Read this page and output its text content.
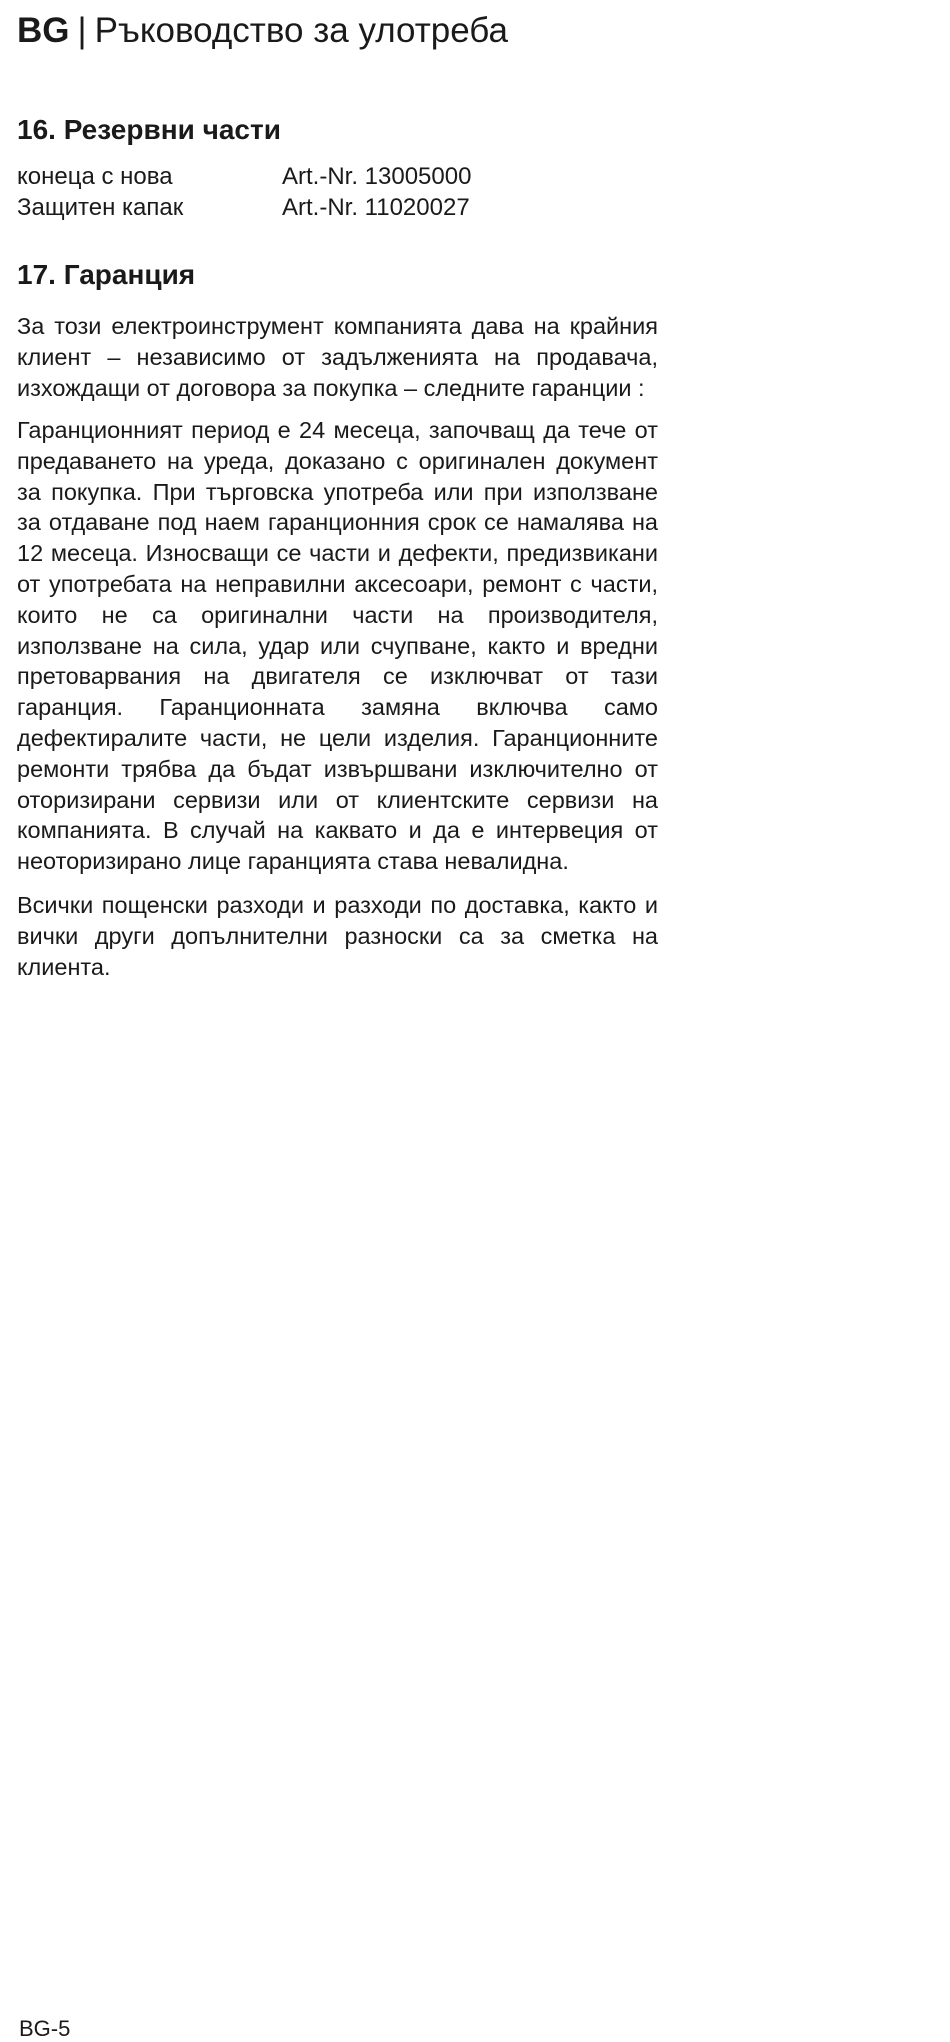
BG | Ръководство за улотреба
16. Резервни части
конеца с нова	Art.-Nr. 13005000
Защитен капак	Art.-Nr. 11020027
17. Гаранция

За този електроинструмент компанията дава на крайния клиент – независимо от задълженията на продавача, изхождащи от договора за покупка – следните гаранции :

Гаранционният период е 24 месеца, започващ да тече от предаването на уреда, доказано с оригинален документ за покупка. При търговска употреба или при използване за отдаване под наем гаранционния срок се намалява на 12 месеца. Износващи се части и дефекти, предизвикани от употребата на неправилни аксесоари, ремонт с части, които не са оригинални части на производителя, използване на сила, удар или счупване, както и вредни претоварвания на двигателя се изключват от тази гаранция. Гаранционната замяна включва само дефектиралите части, не цели изделия. Гаранционните ремонти трябва да бъдат извършвани изключително от оторизирани сервизи или от клиентските сервизи на компанията. В случай на каквато и да е интервеция от неоторизирано лице гаранцията става невалидна.

Всички пощенски разходи и разходи по доставка, както и вички други допълнителни разноски са за сметка на клиента.

BG-5
